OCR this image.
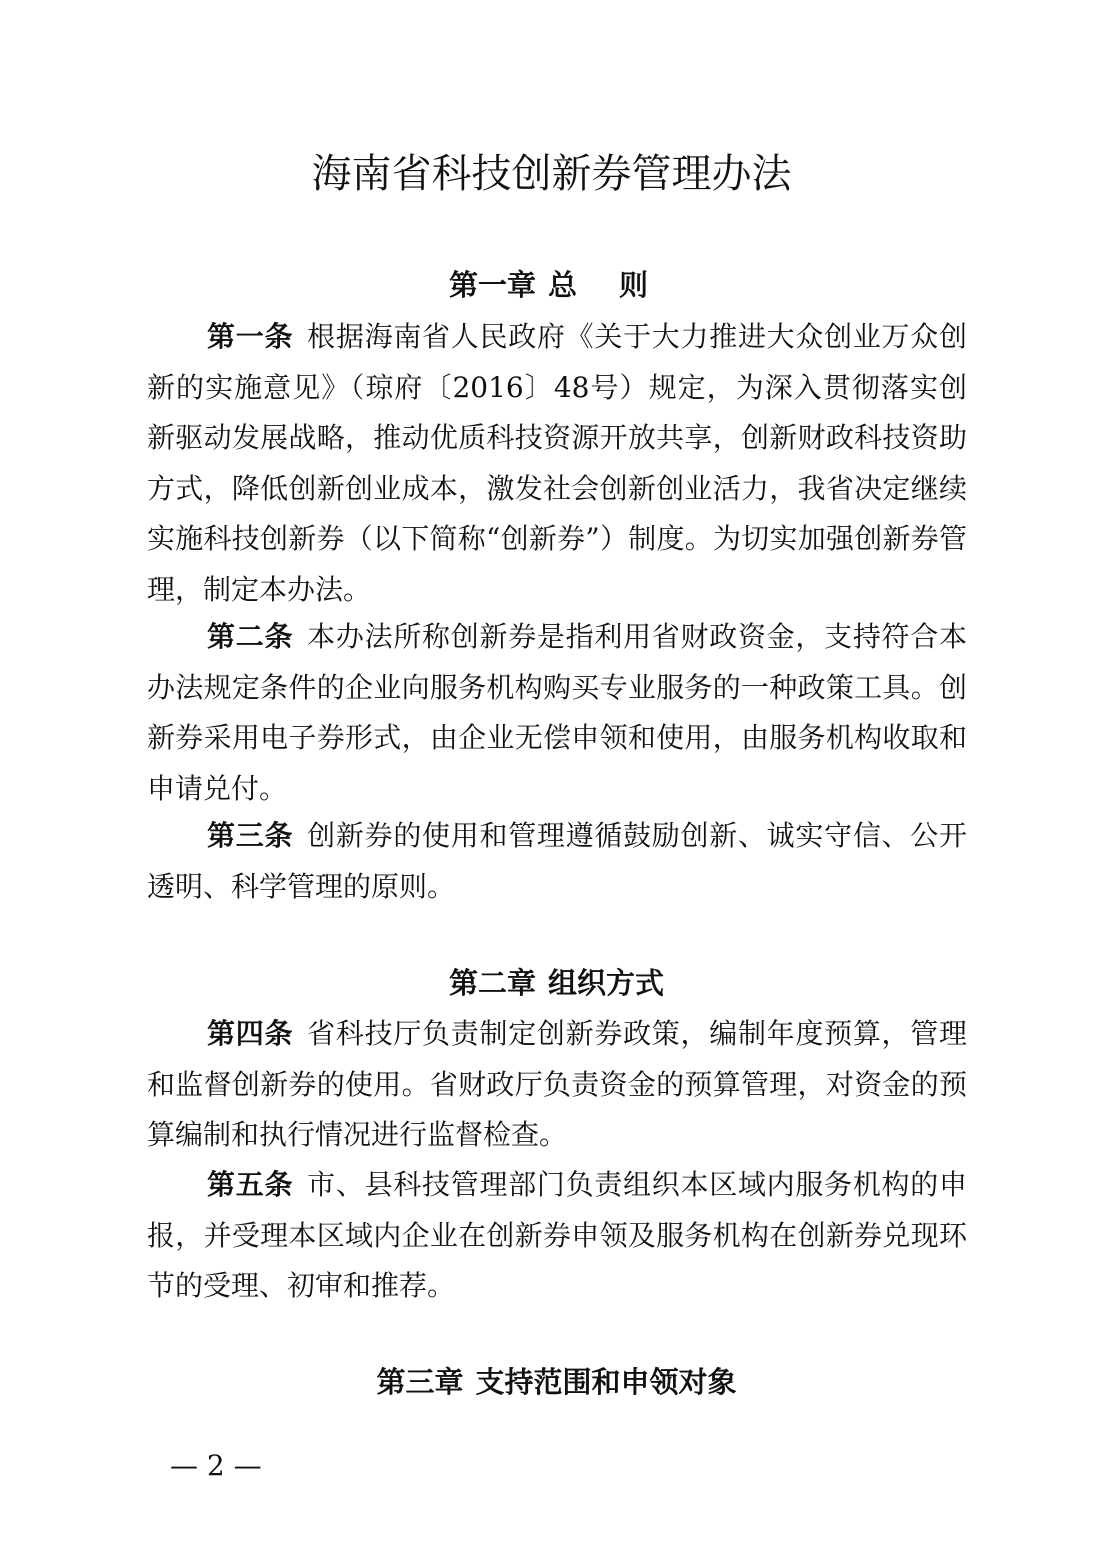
海南省科技创新券管理办法
第一章 总 则

第一条 根据海南省人民政府《关于大力推进大众创业万众创新的实施意见》（琼府〔2016〕48号）规定，为深入贯彻落实创新驱动发展战略，推动优质科技资源开放共享，创新财政科技资助方式，降低创新创业成本，激发社会创新创业活力，我省决定继续实施科技创新券（以下简称“创新券”）制度。为切实加强创新券管理，制定本办法。

第二条 本办法所称创新券是指利用省财政资金，支持符合本办法规定条件的企业向服务机构购买专业服务的一种政策工具。创新券采用电子券形式，由企业无偿申领和使用，由服务机构收取和申请兑付。

第三条 创新券的使用和管理遵循鼓励创新、诚实守信、公开透明、科学管理的原则。

第二章 组织方式

第四条 省科技厅负责制定创新券政策，编制年度预算，管理和监督创新券的使用。省财政厅负责资金的预算管理，对资金的预算编制和执行情况进行监督检查。

第五条 市、县科技管理部门负责组织本区域内服务机构的申报，并受理本区域内企业在创新券申领及服务机构在创新券兑现环节的受理、初审和推荐。

第三章 支持范围和申领对象
— 2 —
